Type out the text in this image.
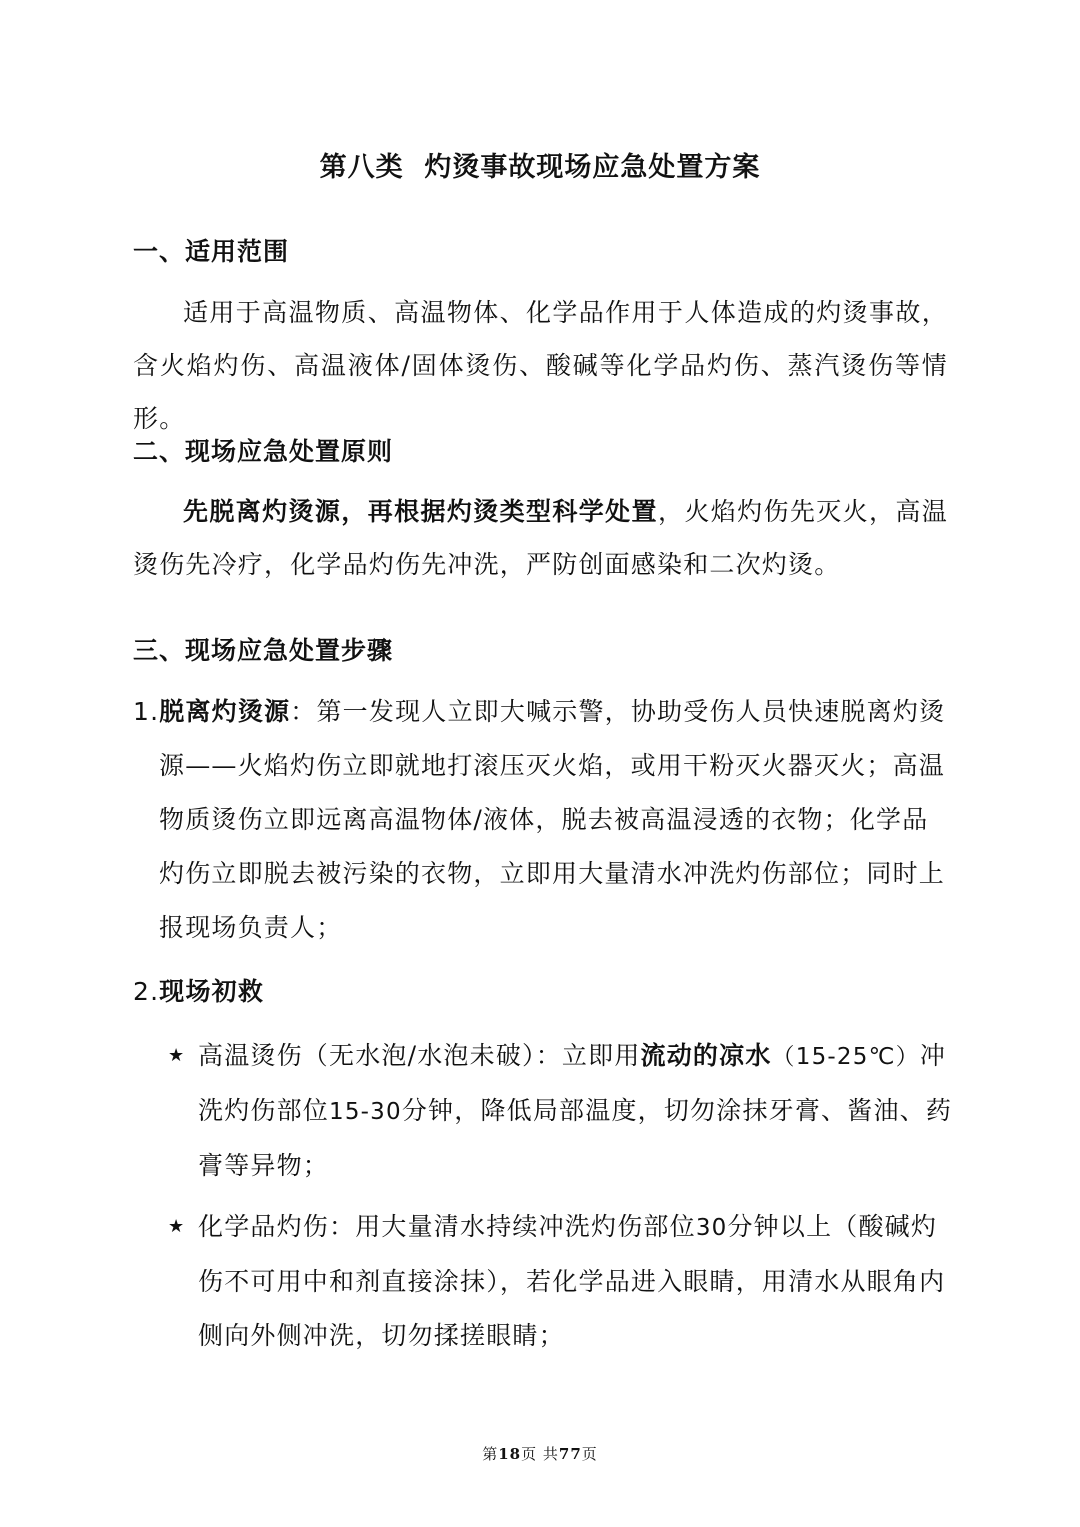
第八类  灼烫事故现场应急处置方案
一、适用范围
适用于高温物质、高温物体、化学品作用于人体造成的灼烫事故，含火焰灼伤、高温液体/固体烫伤、酸碱等化学品灼伤、蒸汽烫伤等情形。
二、现场应急处置原则
先脱离灼烫源，再根据灼烫类型科学处置，火焰灼伤先灭火，高温烫伤先冷疗，化学品灼伤先冲洗，严防创面感染和二次灼烫。
三、现场应急处置步骤
1.脱离灼烫源：第一发现人立即大喊示警，协助受伤人员快速脱离灼烫源——火焰灼伤立即就地打滚压灭火焰，或用干粉灭火器灭火；高温物质烫伤立即远离高温物体/液体，脱去被高温浸透的衣物；化学品灼伤立即脱去被污染的衣物，立即用大量清水冲洗灼伤部位；同时上报现场负责人；
2.现场初救
★ 高温烫伤（无水泡/水泡未破）：立即用流动的凉水（15-25℃）冲洗灼伤部位15-30分钟，降低局部温度，切勿涂抹牙膏、酱油、药膏等异物；
★ 化学品灼伤：用大量清水持续冲洗灼伤部位30分钟以上（酸碱灼伤不可用中和剂直接涂抹），若化学品进入眼睛，用清水从眼角内侧向外侧冲洗，切勿揉搓眼睛；
第18页 共77页
